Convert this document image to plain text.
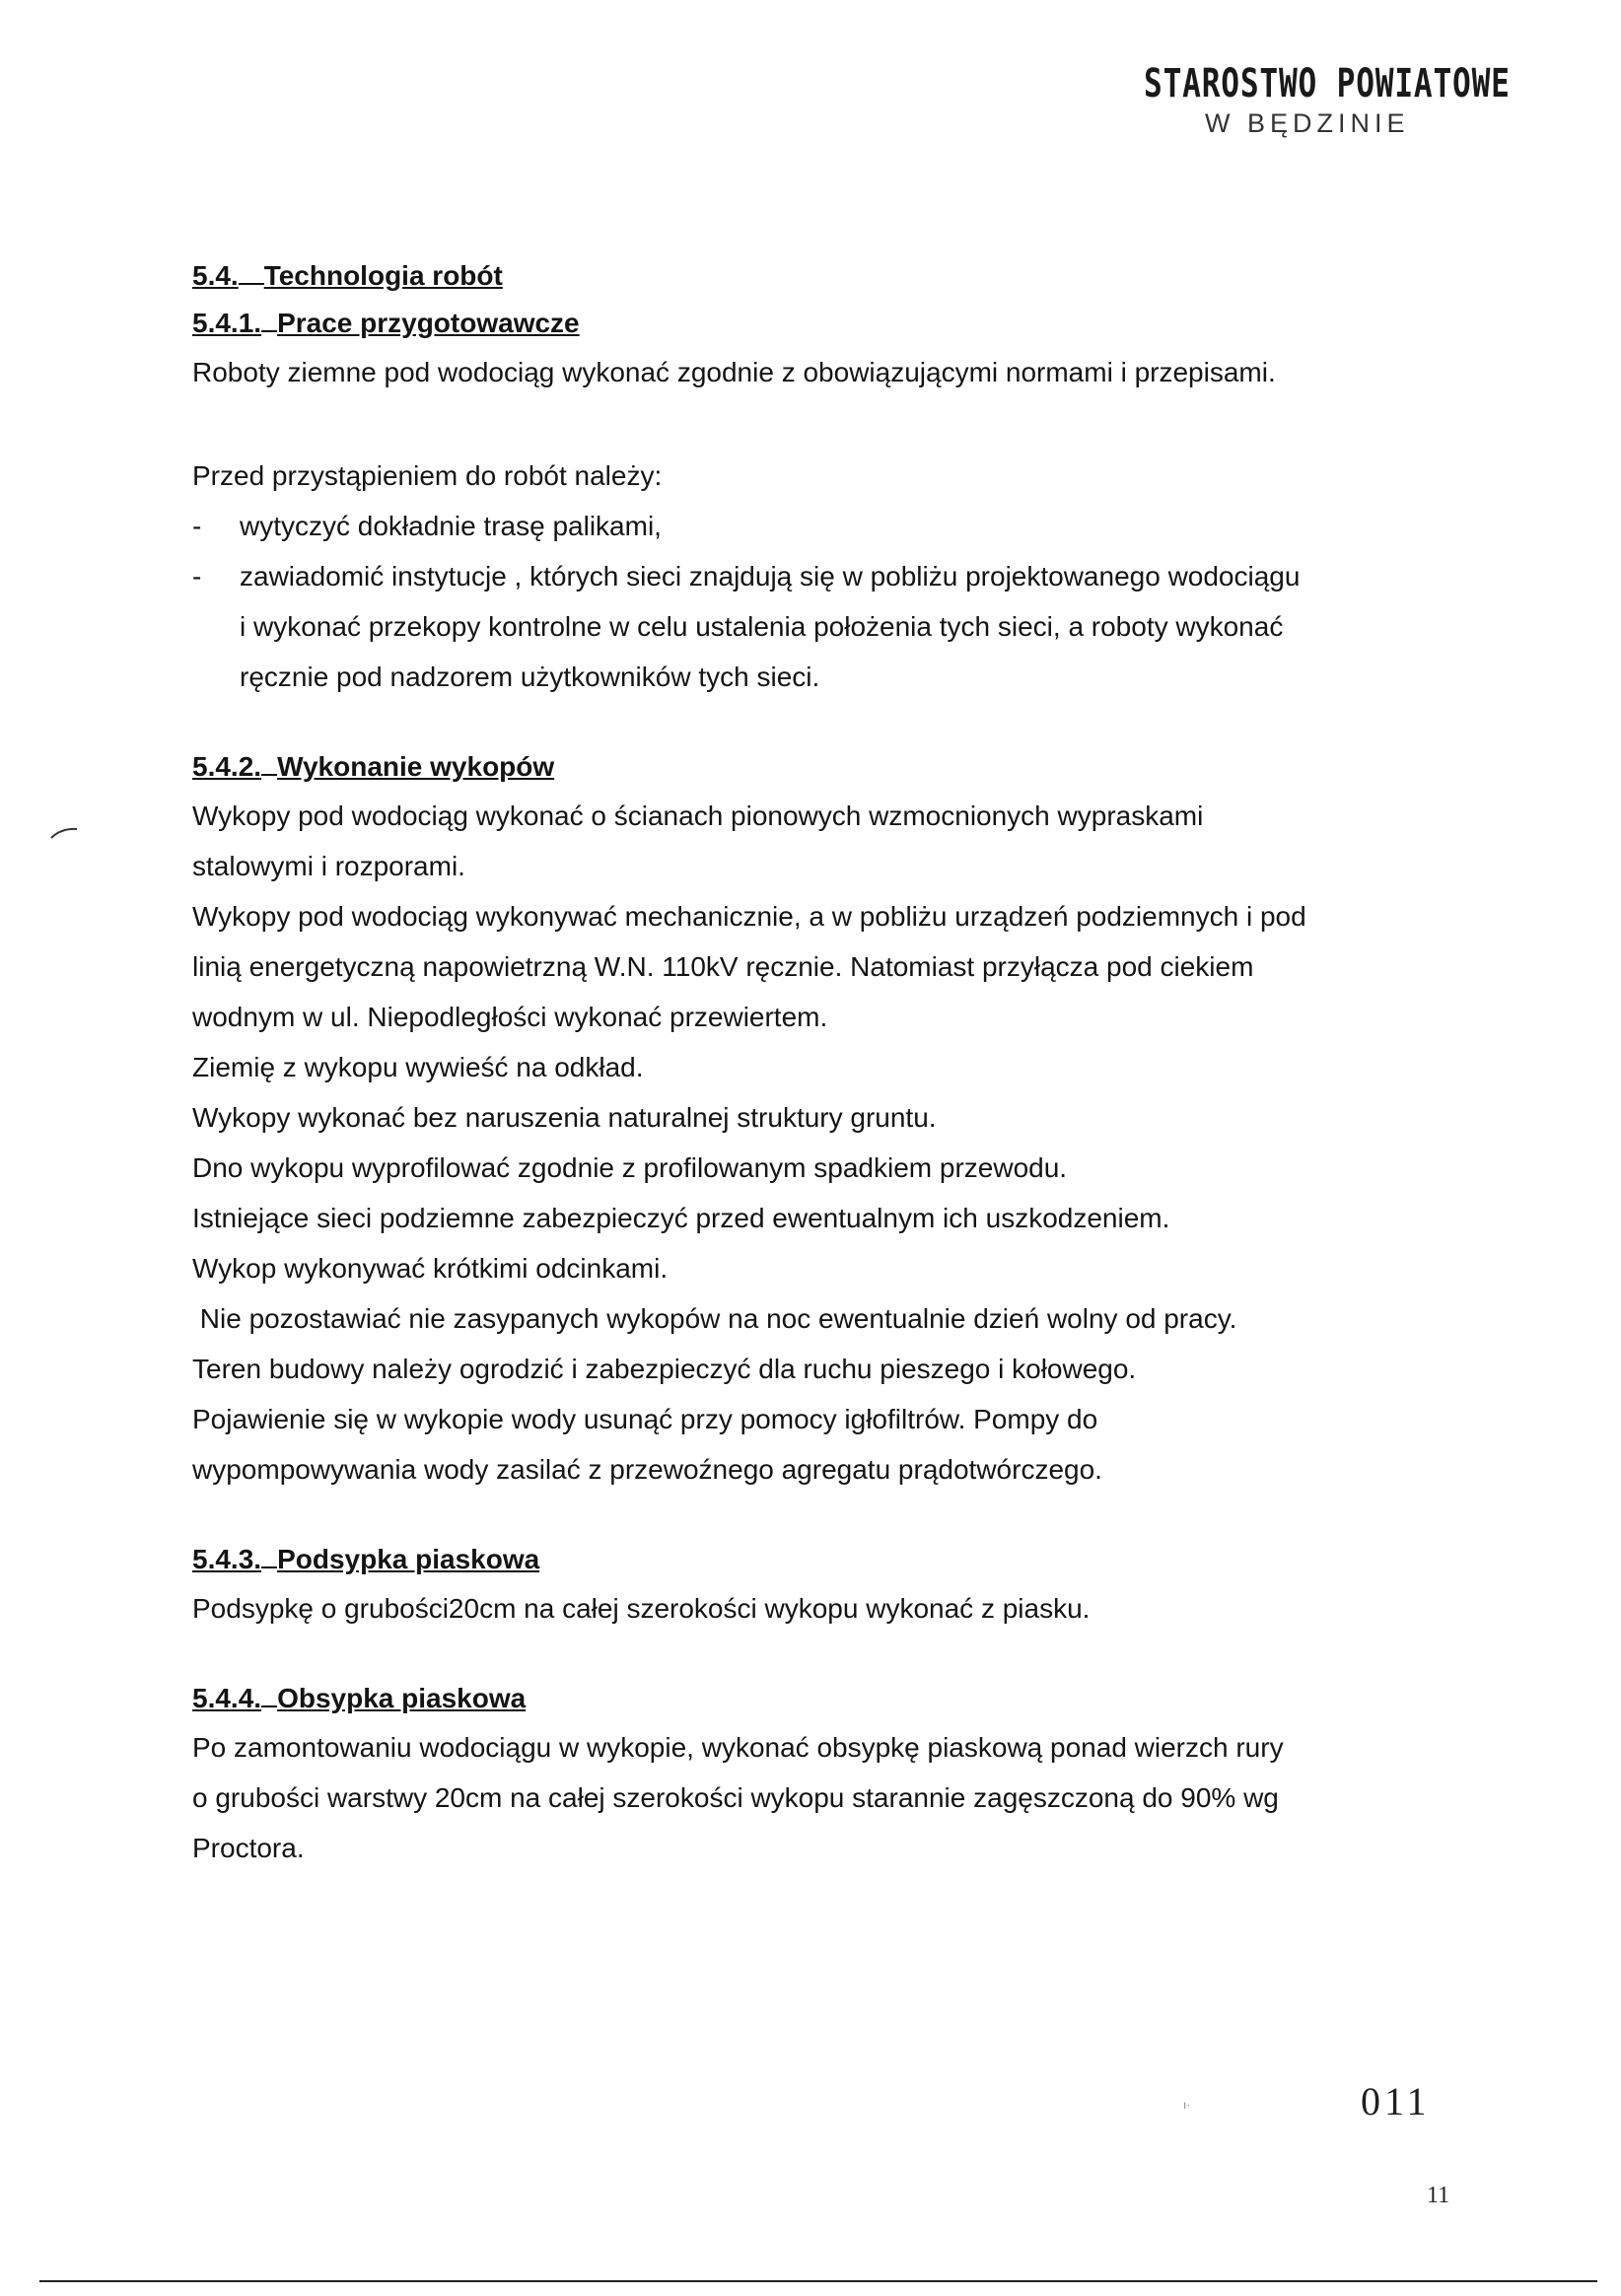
STAROSTWO POWIATOWE
W BĘDZINIE
5.4. Technologia robót
5.4.1. Prace przygotowawcze
Roboty ziemne pod wodociąg wykonać zgodnie z obowiązującymi normami i przepisami.
Przed przystąpieniem do robót należy:
- wytyczyć dokładnie trasę palikami,
- zawiadomić instytucje , których sieci znajdują się w pobliżu projektowanego wodociągu
i wykonać przekopy kontrolne w celu ustalenia położenia tych sieci, a roboty wykonać
ręcznie pod nadzorem użytkowników tych sieci.
5.4.2. Wykonanie wykopów
Wykopy pod wodociąg wykonać o ścianach pionowych wzmocnionych wypraskami
stalowymi i rozporami.
Wykopy pod wodociąg wykonywać mechanicznie, a w pobliżu urządzeń podziemnych i pod
linią energetyczną napowietrzną W.N. 110kV ręcznie. Natomiast przyłącza pod ciekiem
wodnym w ul. Niepodległości wykonać przewiertem.
Ziemię z wykopu wywieść na odkład.
Wykopy wykonać bez naruszenia naturalnej struktury gruntu.
Dno wykopu wyprofilować zgodnie z profilowanym spadkiem przewodu.
Istniejące sieci podziemne zabezpieczyć przed ewentualnym ich uszkodzeniem.
Wykop wykonywać krótkimi odcinkami.
Nie pozostawiać nie zasypanych wykopów na noc ewentualnie dzień wolny od pracy.
Teren budowy należy ogrodzić i zabezpieczyć dla ruchu pieszego i kołowego.
Pojawienie się w wykopie wody usunąć przy pomocy igłofiltrów. Pompy do
wypompowywania wody zasilać z przewoźnego agregatu prądotwórczego.
5.4.3. Podsypka piaskowa
Podsypkę o grubości20cm na całej szerokości wykopu wykonać z piasku.
5.4.4. Obsypka piaskowa
Po zamontowaniu wodociągu w wykopie, wykonać obsypkę piaskową ponad wierzch rury
o grubości warstwy 20cm na całej szerokości wykopu starannie zagęszczoną do 90% wg
Proctora.
ı·	011
11
